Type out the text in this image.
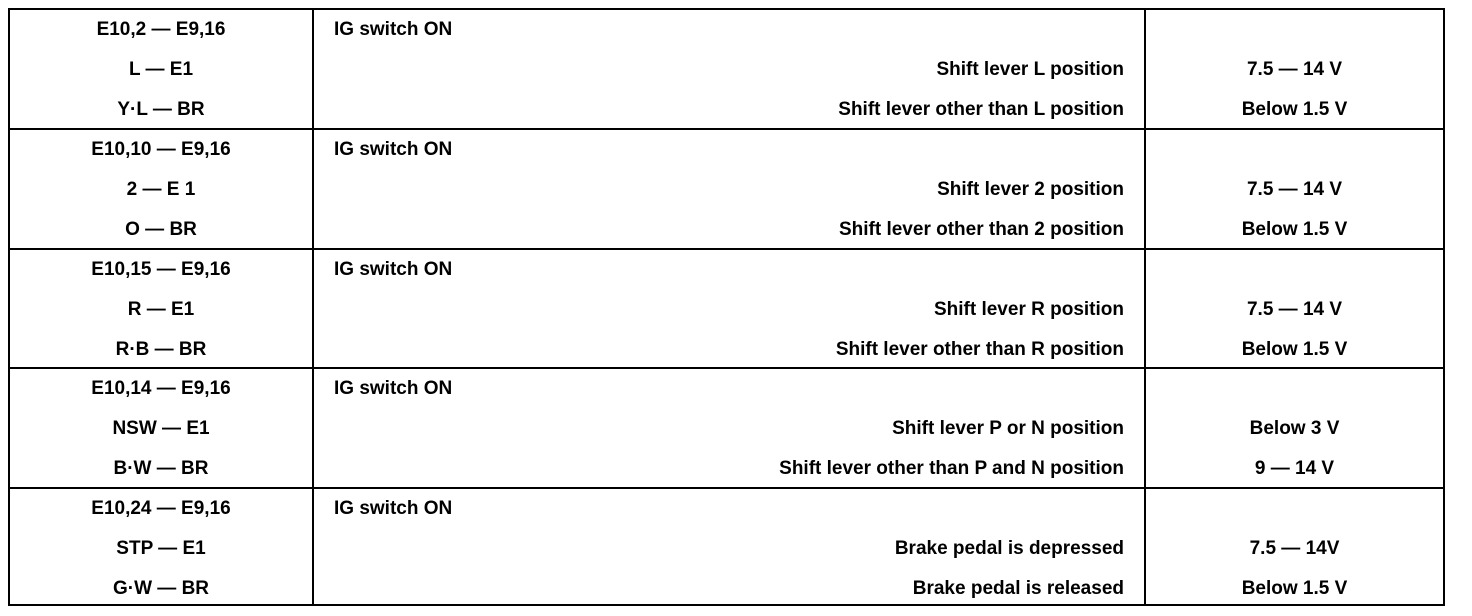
E10,2 — E9,16
L — E1
Y·L — BR
IG switch ON
Shift lever L position
Shift lever other than L position
7.5 — 14 V
Below 1.5 V
E10,10 — E9,16
2 — E 1
O — BR
IG switch ON
Shift lever 2 position
Shift lever other than 2 position
7.5 — 14 V
Below 1.5 V
E10,15 — E9,16
R — E1
R·B — BR
IG switch ON
Shift lever R position
Shift lever other than R position
7.5 — 14 V
Below 1.5 V
E10,14 — E9,16
NSW — E1
B·W — BR
IG switch ON
Shift lever P or N position
Shift lever other than P and N position
Below 3 V
9 — 14 V
E10,24 — E9,16
STP — E1
G·W — BR
IG switch ON
Brake pedal is depressed
Brake pedal is released
7.5 — 14V
Below 1.5 V
